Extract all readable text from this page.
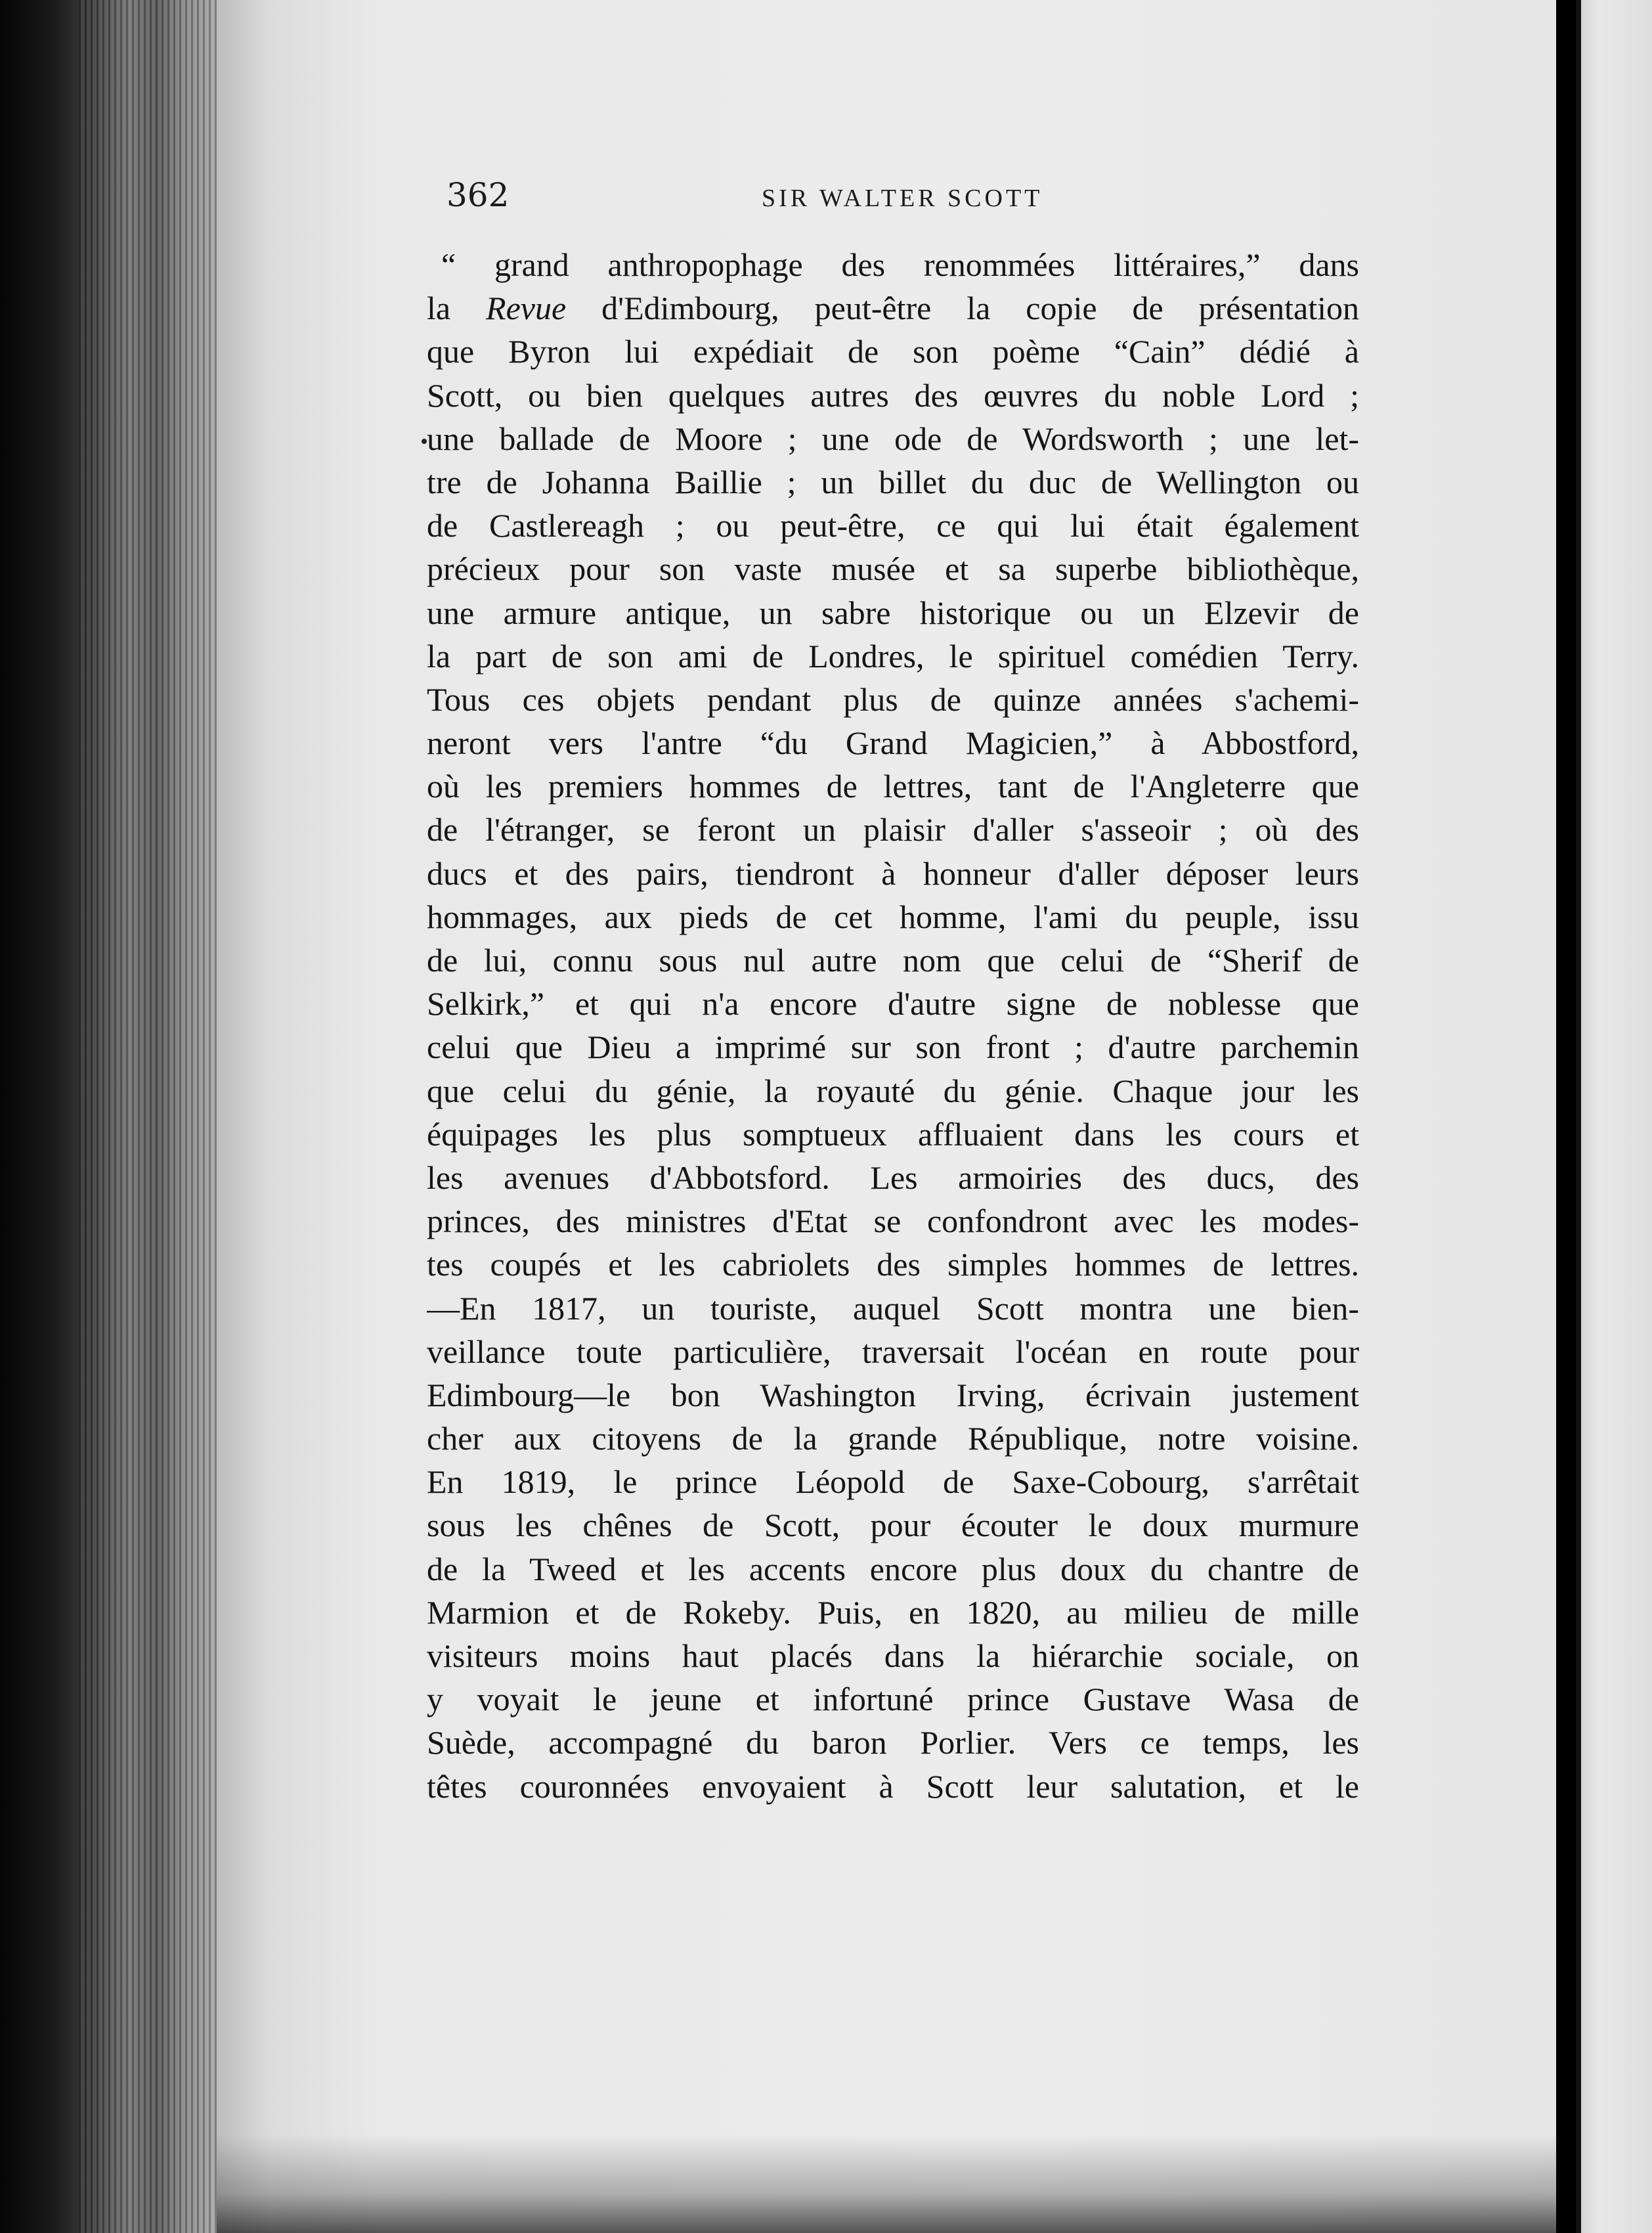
362	SIR WALTER SCOTT
“ grand anthropophage des renommées littéraires,” dans
la Revue d'Edimbourg, peut-être la copie de présentation
que Byron lui expédiait de son poème “Cain” dédié à
Scott, ou bien quelques autres des œuvres du noble Lord ;
une ballade de Moore ; une ode de Wordsworth ; une let-
tre de Johanna Baillie ; un billet du duc de Wellington ou
de Castlereagh ; ou peut-être, ce qui lui était également
précieux pour son vaste musée et sa superbe bibliothèque,
une armure antique, un sabre historique ou un Elzevir de
la part de son ami de Londres, le spirituel comédien Terry.
Tous ces objets pendant plus de quinze années s'achemi-
neront vers l'antre “du Grand Magicien,” à Abbostford,
où les premiers hommes de lettres, tant de l'Angleterre que
de l'étranger, se feront un plaisir d'aller s'asseoir ; où des
ducs et des pairs, tiendront à honneur d'aller déposer leurs
hommages, aux pieds de cet homme, l'ami du peuple, issu
de lui, connu sous nul autre nom que celui de “Sherif de
Selkirk,” et qui n'a encore d'autre signe de noblesse que
celui que Dieu a imprimé sur son front ; d'autre parchemin
que celui du génie, la royauté du génie. Chaque jour les
équipages les plus somptueux affluaient dans les cours et
les avenues d'Abbotsford. Les armoiries des ducs, des
princes, des ministres d'Etat se confondront avec les modes-
tes coupés et les cabriolets des simples hommes de lettres.
—En 1817, un touriste, auquel Scott montra une bien-
veillance toute particulière, traversait l'océan en route pour
Edimbourg—le bon Washington Irving, écrivain justement
cher aux citoyens de la grande République, notre voisine.
En 1819, le prince Léopold de Saxe-Cobourg, s'arrêtait
sous les chênes de Scott, pour écouter le doux murmure
de la Tweed et les accents encore plus doux du chantre de
Marmion et de Rokeby. Puis, en 1820, au milieu de mille
visiteurs moins haut placés dans la hiérarchie sociale, on
y voyait le jeune et infortuné prince Gustave Wasa de
Suède, accompagné du baron Porlier. Vers ce temps, les
têtes couronnées envoyaient à Scott leur salutation, et le
